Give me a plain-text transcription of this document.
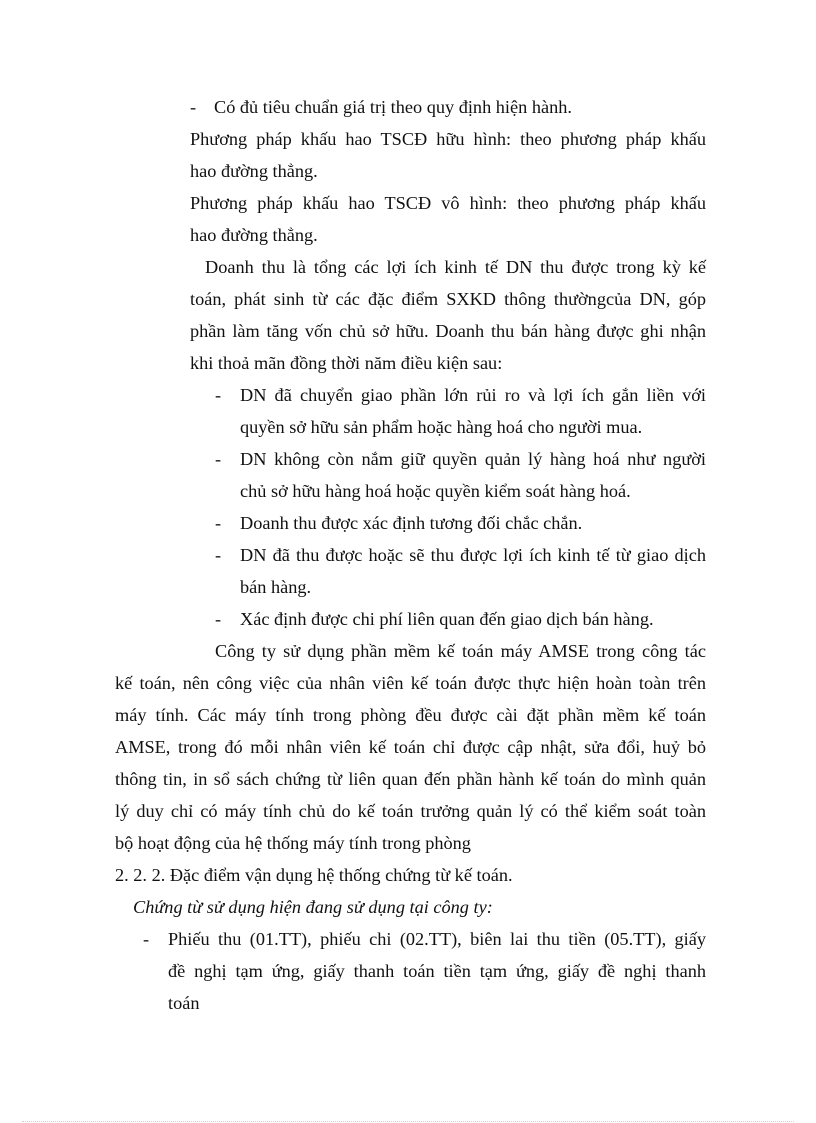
- Có đủ tiêu chuẩn giá trị theo quy định hiện hành.
Phương pháp khấu hao TSCĐ hữu hình: theo phương pháp khấu
hao đường thẳng.
Phương pháp khấu hao TSCĐ vô hình: theo phương pháp khấu
hao đường thẳng.
Doanh thu là tổng các lợi ích kinh tế DN thu được trong kỳ kế
toán, phát sinh từ các đặc điểm SXKD thông thườngcủa DN, góp
phần làm tăng vốn chủ sở hữu. Doanh thu bán hàng được ghi nhận
khi thoả mãn đồng thời năm điều kiện sau:
- DN đã chuyển giao phần lớn rủi ro và lợi ích gắn liền với
quyền sở hữu sản phẩm hoặc hàng hoá cho người mua.
- DN không còn nắm giữ quyền quản lý hàng hoá như người
chủ sở hữu hàng hoá hoặc quyền kiểm soát hàng hoá.
- Doanh thu được xác định tương đối chắc chắn.
- DN đã thu được hoặc sẽ thu được lợi ích kinh tế từ giao dịch
bán hàng.
- Xác định được chi phí liên quan đến giao dịch bán hàng.
Công ty sử dụng phần mềm kế toán máy AMSE trong công tác
kế toán, nên công việc của nhân viên kế toán được thực hiện hoàn toàn trên
máy tính. Các máy tính trong phòng đều được cài đặt phần mềm kế toán
AMSE, trong đó mỗi nhân viên kế toán chỉ được cập nhật, sửa đổi, huỷ bỏ
thông tin, in sổ sách chứng từ liên quan đến phần hành kế toán do mình quản
lý duy chỉ có máy tính chủ do kế toán trưởng quản lý có thể kiểm soát toàn
bộ hoạt động của hệ thống máy tính trong phòng
2. 2. 2. Đặc điểm vận dụng hệ thống chứng từ kế toán.
Chứng từ sử dụng hiện đang sử dụng tại công ty:
- Phiếu thu (01.TT), phiếu chi (02.TT), biên lai thu tiền (05.TT), giấy
đề nghị tạm ứng, giấy thanh toán tiền tạm ứng, giấy đề nghị thanh
toán
